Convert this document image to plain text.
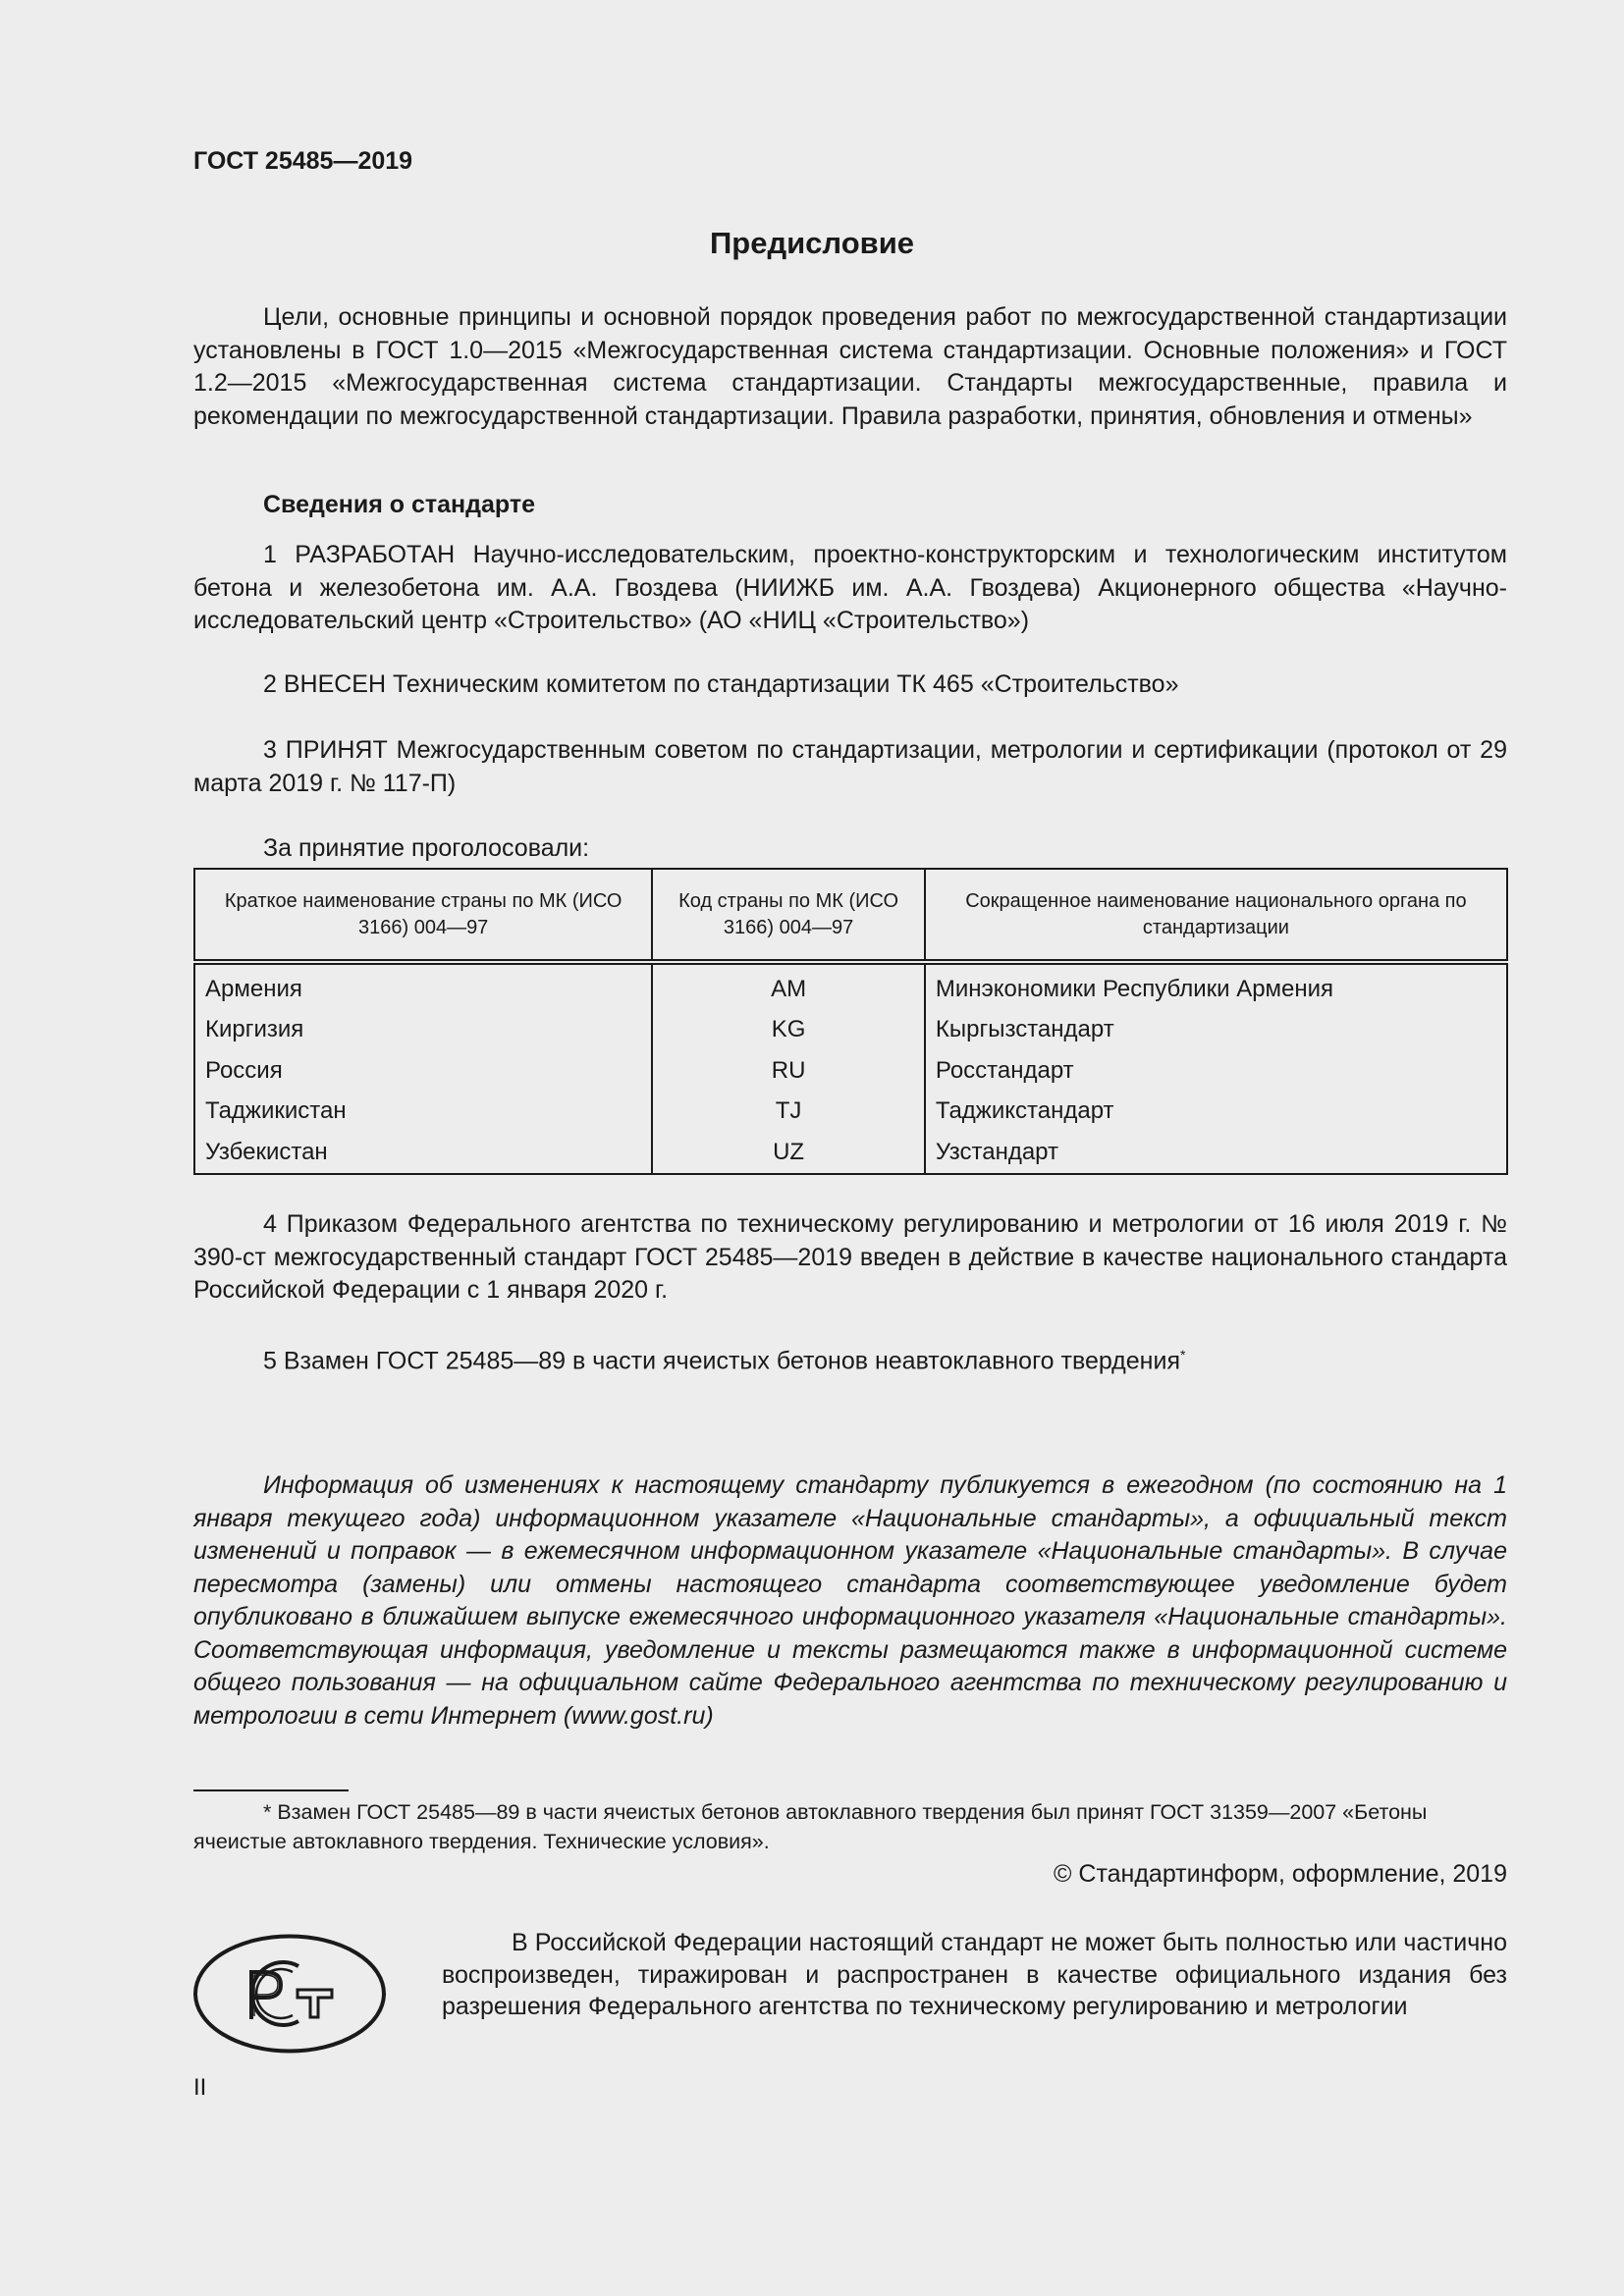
ГОСТ 25485—2019
Предисловие

Цели, основные принципы и основной порядок проведения работ по межгосударственной стандартизации установлены в ГОСТ 1.0—2015 «Межгосударственная система стандартизации. Основные положения» и ГОСТ 1.2—2015 «Межгосударственная система стандартизации. Стандарты межгосударственные, правила и рекомендации по межгосударственной стандартизации. Правила разработки, принятия, обновления и отмены»

Сведения о стандарте

1 РАЗРАБОТАН Научно-исследовательским, проектно-конструкторским и технологическим институтом бетона и железобетона им. А.А. Гвоздева (НИИЖБ им. А.А. Гвоздева) Акционерного общества «Научно-исследовательский центр «Строительство» (АО «НИЦ «Строительство»)

2 ВНЕСЕН Техническим комитетом по стандартизации ТК 465 «Строительство»

3 ПРИНЯТ Межгосударственным советом по стандартизации, метрологии и сертификации (протокол от 29 марта 2019 г. № 117-П)

За принятие проголосовали:

Краткое наименование страны по МК (ИСО 3166) 004—97	Код страны по МК (ИСО 3166) 004—97	Сокращенное наименование национального органа по стандартизации
Армения	AM	Минэкономики Республики Армения
Киргизия	KG	Кыргызстандарт
Россия	RU	Росстандарт
Таджикистан	TJ	Таджикстандарт
Узбекистан	UZ	Узстандарт

4 Приказом Федерального агентства по техническому регулированию и метрологии от 16 июля 2019 г. № 390-ст межгосударственный стандарт ГОСТ 25485—2019 введен в действие в качестве национального стандарта Российской Федерации с 1 января 2020 г.

5 Взамен ГОСТ 25485—89 в части ячеистых бетонов неавтоклавного твердения*

Информация об изменениях к настоящему стандарту публикуется в ежегодном (по состоянию на 1 января текущего года) информационном указателе «Национальные стандарты», а официальный текст изменений и поправок — в ежемесячном информационном указателе «Национальные стандарты». В случае пересмотра (замены) или отмены настоящего стандарта соответствующее уведомление будет опубликовано в ближайшем выпуске ежемесячного информационного указателя «Национальные стандарты». Соответствующая информация, уведомление и тексты размещаются также в информационной системе общего пользования — на официальном сайте Федерального агентства по техническому регулированию и метрологии в сети Интернет (www.gost.ru)

* Взамен ГОСТ 25485—89 в части ячеистых бетонов автоклавного твердения был принят ГОСТ 31359—2007 «Бетоны ячеистые автоклавного твердения. Технические условия».

© Стандартинформ, оформление, 2019

В Российской Федерации настоящий стандарт не может быть полностью или частично воспроизведен, тиражирован и распространен в качестве официального издания без разрешения Федерального агентства по техническому регулированию и метрологии

II
